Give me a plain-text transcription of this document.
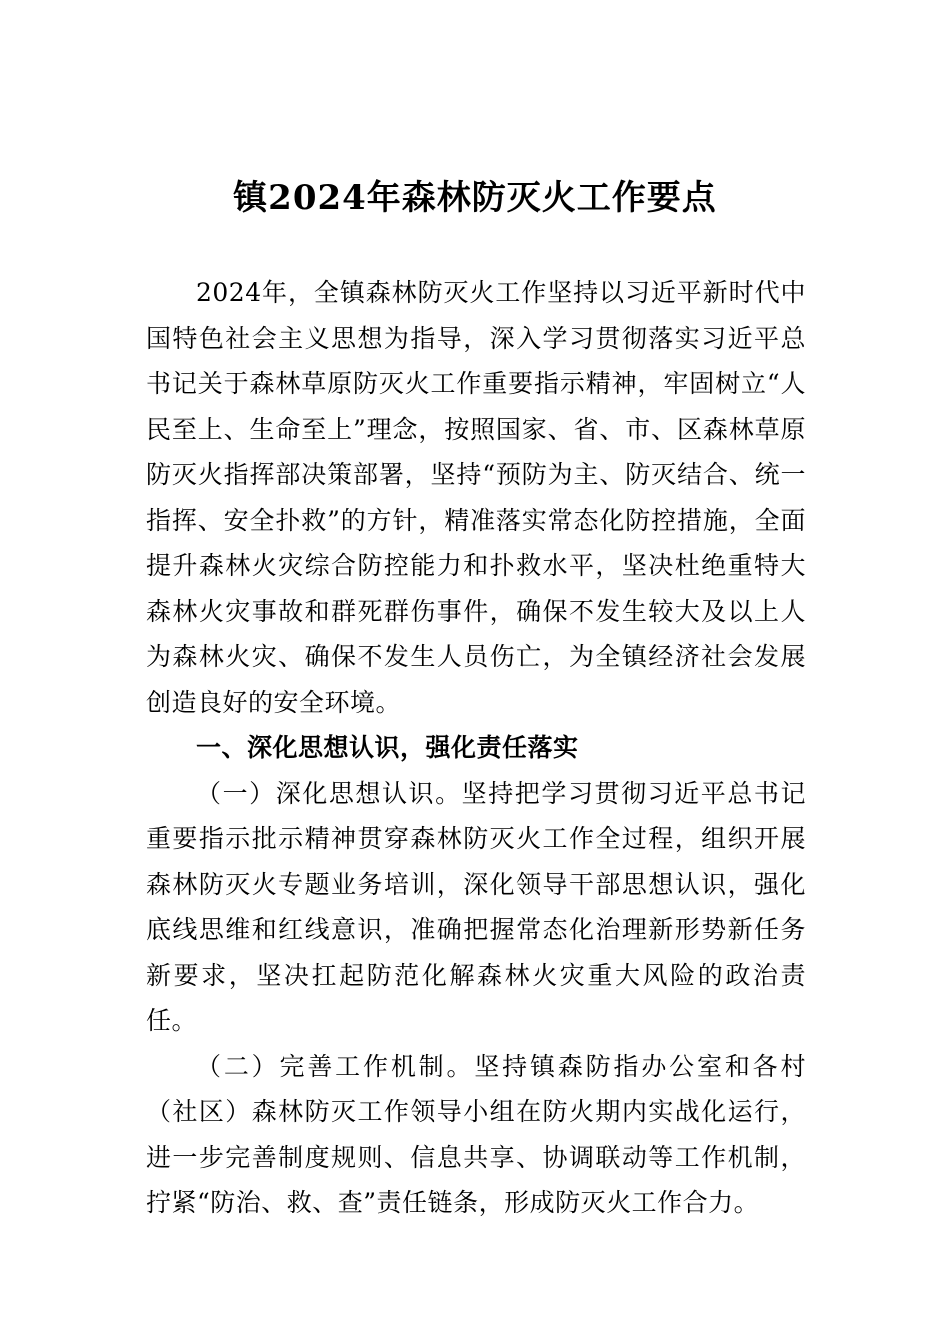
镇2024年森林防灭火工作要点

2024年，全镇森林防灭火工作坚持以习近平新时代中国特色社会主义思想为指导，深入学习贯彻落实习近平总书记关于森林草原防灭火工作重要指示精神，牢固树立“人民至上、生命至上”理念，按照国家、省、市、区森林草原防灭火指挥部决策部署，坚持“预防为主、防灭结合、统一指挥、安全扑救”的方针，精准落实常态化防控措施，全面提升森林火灾综合防控能力和扑救水平，坚决杜绝重特大森林火灾事故和群死群伤事件，确保不发生较大及以上人为森林火灾、确保不发生人员伤亡，为全镇经济社会发展创造良好的安全环境。

一、深化思想认识，强化责任落实

（一）深化思想认识。坚持把学习贯彻习近平总书记重要指示批示精神贯穿森林防灭火工作全过程，组织开展森林防灭火专题业务培训，深化领导干部思想认识，强化底线思维和红线意识，准确把握常态化治理新形势新任务新要求，坚决扛起防范化解森林火灾重大风险的政治责任。

（二）完善工作机制。坚持镇森防指办公室和各村（社区）森林防灭工作领导小组在防火期内实战化运行，进一步完善制度规则、信息共享、协调联动等工作机制，拧紧“防治、救、查”责任链条，形成防灭火工作合力。
